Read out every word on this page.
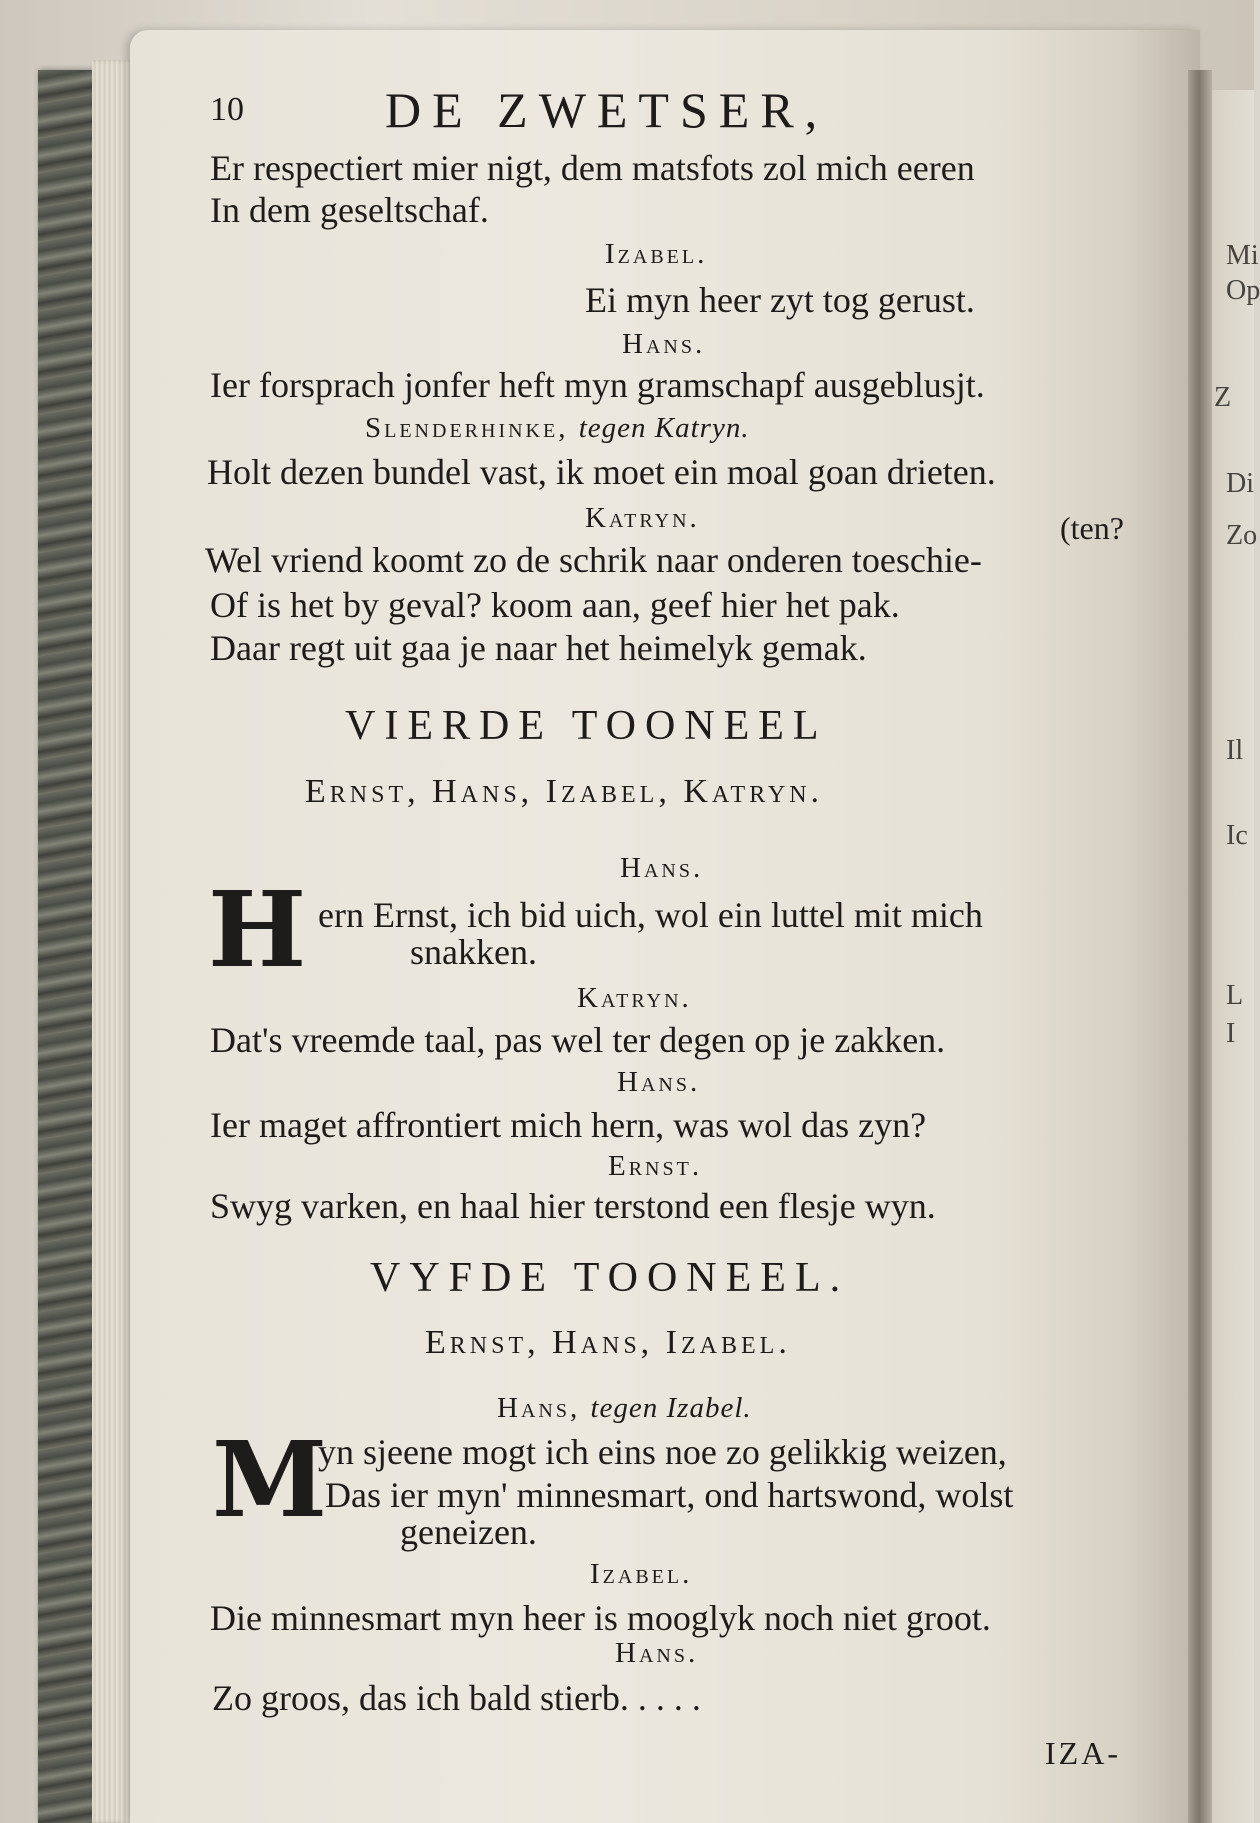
Mi
Op
Z
Di
Zo
Il
Ic
L
I
10	DE ZWETSER,
Er respectiert mier nigt, dem matsfots zol mich eeren
In dem geseltschaf.
Izabel.
Ei myn heer zyt tog gerust.
Hans.
Ier forsprach jonfer heft myn gramschapf ausgeblusjt.
Slenderhinke, tegen Katryn.
Holt dezen bundel vast, ik moet ein moal goan drieten.
Katryn.	(ten?
Wel vriend koomt zo de schrik naar onderen toeschie-
Of is het by geval? koom aan, geef hier het pak.
Daar regt uit gaa je naar het heimelyk gemak.
VIERDE TOONEEL
Ernst, Hans, Izabel, Katryn.
Hans.
H ern Ernst, ich bid uich, wol ein luttel mit mich
snakken.
Katryn.
Dat's vreemde taal, pas wel ter degen op je zakken.
Hans.
Ier maget affrontiert mich hern, was wol das zyn?
Ernst.
Swyg varken, en haal hier terstond een flesje wyn.
VYFDE TOONEEL.
Ernst, Hans, Izabel.
Hans, tegen Izabel.
M
yn sjeene mogt ich eins noe zo gelikkig weizen,
Das ier myn' minnesmart, ond hartswond, wolst
geneizen.
Izabel.
Die minnesmart myn heer is mooglyk noch niet groot.
Hans.
Zo groos, das ich bald stierb. . . . .
IZA-
